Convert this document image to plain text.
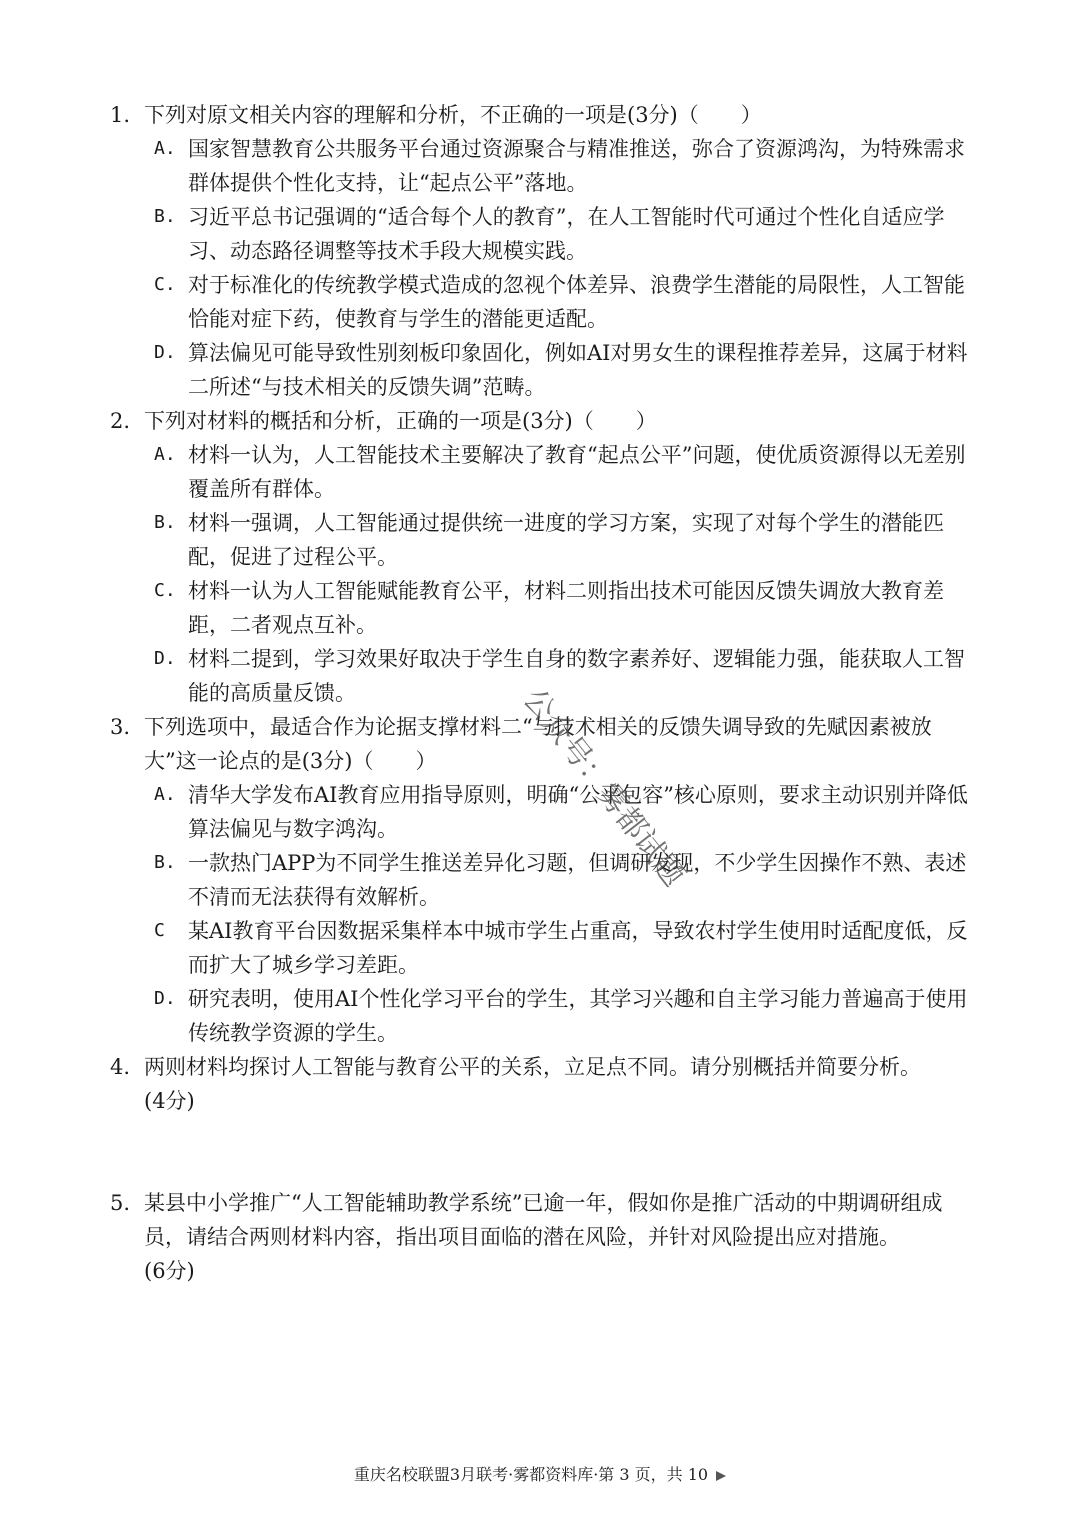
1. 下列对原文相关内容的理解和分析，不正确的一项是(3分)（　　）
A. 国家智慧教育公共服务平台通过资源聚合与精准推送，弥合了资源鸿沟，为特殊需求群体提供个性化支持，让“起点公平”落地。
B. 习近平总书记强调的“适合每个人的教育”，在人工智能时代可通过个性化自适应学习、动态路径调整等技术手段大规模实践。
C. 对于标准化的传统教学模式造成的忽视个体差异、浪费学生潜能的局限性，人工智能恰能对症下药，使教育与学生的潜能更适配。
D. 算法偏见可能导致性别刻板印象固化，例如AI对男女生的课程推荐差异，这属于材料二所述“与技术相关的反馈失调”范畴。
2. 下列对材料的概括和分析，正确的一项是(3分)（　　）
A. 材料一认为，人工智能技术主要解决了教育“起点公平”问题，使优质资源得以无差别覆盖所有群体。
B. 材料一强调，人工智能通过提供统一进度的学习方案，实现了对每个学生的潜能匹配，促进了过程公平。
C. 材料一认为人工智能赋能教育公平，材料二则指出技术可能因反馈失调放大教育差距，二者观点互补。
D. 材料二提到，学习效果好取决于学生自身的数字素养好、逻辑能力强，能获取人工智能的高质量反馈。
3. 下列选项中，最适合作为论据支撑材料二“与技术相关的反馈失调导致的先赋因素被放大”这一论点的是(3分)（　　）
A. 清华大学发布AI教育应用指导原则，明确“公平包容”核心原则，要求主动识别并降低算法偏见与数字鸿沟。
B. 一款热门APP为不同学生推送差异化习题，但调研发现，不少学生因操作不熟、表述不清而无法获得有效解析。
C	某AI教育平台因数据采集样本中城市学生占重高，导致农村学生使用时适配度低，反而扩大了城乡学习差距。
D. 研究表明，使用AI个性化学习平台的学生，其学习兴趣和自主学习能力普遍高于使用传统教学资源的学生。
4. 两则材料均探讨人工智能与教育公平的关系，立足点不同。请分别概括并简要分析。
(4分)
5. 某县中小学推广“人工智能辅助教学系统”已逾一年，假如你是推广活动的中期调研组成员，请结合两则材料内容，指出项目面临的潜在风险，并针对风险提出应对措施。
(6分)
公众号：雾都试题
重庆名校联盟3月联考·雾都资料库·第 3 页，共 10
